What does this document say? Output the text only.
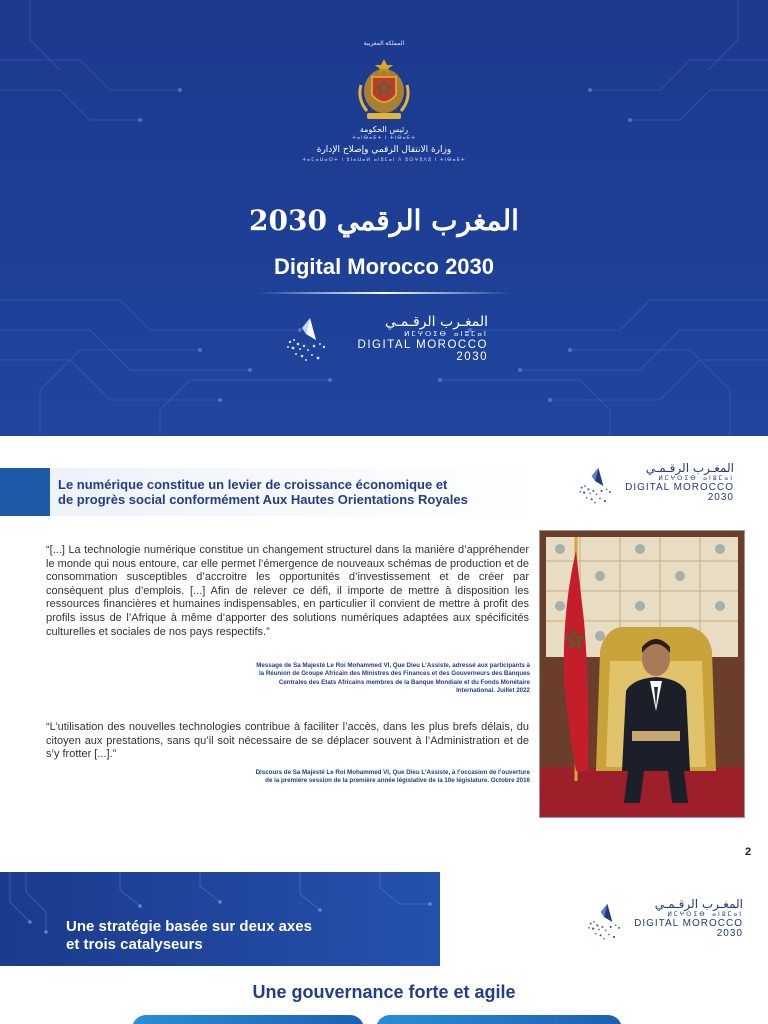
المملكة المغربية
رئيس الحكومة
ⵜⴰⵏⴱⴰⴹⵜ ⵏ ⵜⵏⴱⴰⴹⵜ
وزارة الانتقال الرقمي وإصلاح الإدارة
ⵜⴰⵎⴰⵡⴰⵙⵜ ⵏ ⵓⵏⴰⵡⴰⵍ ⴰⵏⵓⵎⴰⵏ ⴷ ⵓⵙⵖⵓⴷⵓ ⵏ ⵜⵏⴱⴰⴹⵜ
المغرب الرقمي 2030
Digital Morocco 2030
المغـرب الرقـمـي
ⵍⵎⵖⵔⵉⴱ ⴰⵏⵓⵎⴰⵏ
DIGITAL MOROCCO
2030
Le numérique constitue un levier de croissance économique et
de progrès social conformément Aux Hautes Orientations Royales
المغـرب الرقـمـي
ⵍⵎⵖⵔⵉⴱ ⴰⵏⵓⵎⴰⵏ
DIGITAL MOROCCO
2030
“[...] La technologie numérique constitue un changement structurel dans la manière d’appréhender le monde qui nous entoure, car elle permet l’émergence de nouveaux schémas de production et de consommation susceptibles d’accroitre les opportunités d’investissement et de créer par conséquent plus d’emplois. [...] Afin de relever ce défi, il importe de mettre à disposition les ressources financières et humaines indispensables, en particulier il convient de mettre à profit des profils issus de l’Afrique à même d’apporter des solutions numériques adaptées aux spécificités culturelles et sociales de nos pays respectifs.”
Message de Sa Majesté Le Roi Mohammed VI, Que Dieu L’Assiste, adressé aux participants à
la Réunion de Groupe Africain des Ministres des Finances et des Gouverneurs des Banques
Centrales des Etats Africains membres de la Banque Mondiale et du Fonds Monétaire
International. Juillet 2022
“L’utilisation des nouvelles technologies contribue à faciliter l’accès, dans les plus brefs délais, du citoyen aux prestations, sans qu’il soit nécessaire de se déplacer souvent à l’Administration et de s’y frotter [...].”
Discours de Sa Majesté Le Roi Mohammed VI, Que Dieu L’Assiste, à l’occasion de l’ouverture
de la première session de la première année législative de la 10e législature. Octobre 2016
2
Une stratégie basée sur deux axes
et trois catalyseurs
المغـرب الرقـمـي
ⵍⵎⵖⵔⵉⴱ ⴰⵏⵓⵎⴰⵏ
DIGITAL MOROCCO
2030
Une gouvernance forte et agile
